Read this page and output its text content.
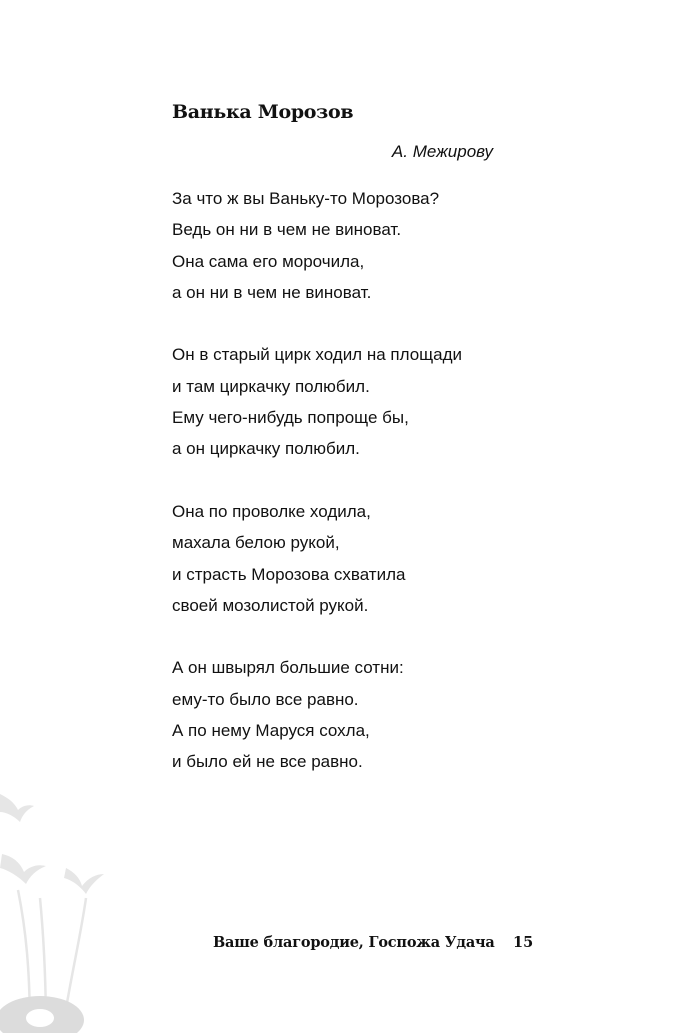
Ванька Морозов
А. Межирову
За что ж вы Ваньку-то Морозова?
Ведь он ни в чем не виноват.
Она сама его морочила,
а он ни в чем не виноват.
Он в старый цирк ходил на площади
и там циркачку полюбил.
Ему чего-нибудь попроще бы,
а он циркачку полюбил.
Она по проволке ходила,
махала белою рукой,
и страсть Морозова схватила
своей мозолистой рукой.
А он швырял большие сотни:
ему-то было все равно.
А по нему Маруся сохла,
и было ей не все равно.
Ваше благородие, Госпожа Удача 15
